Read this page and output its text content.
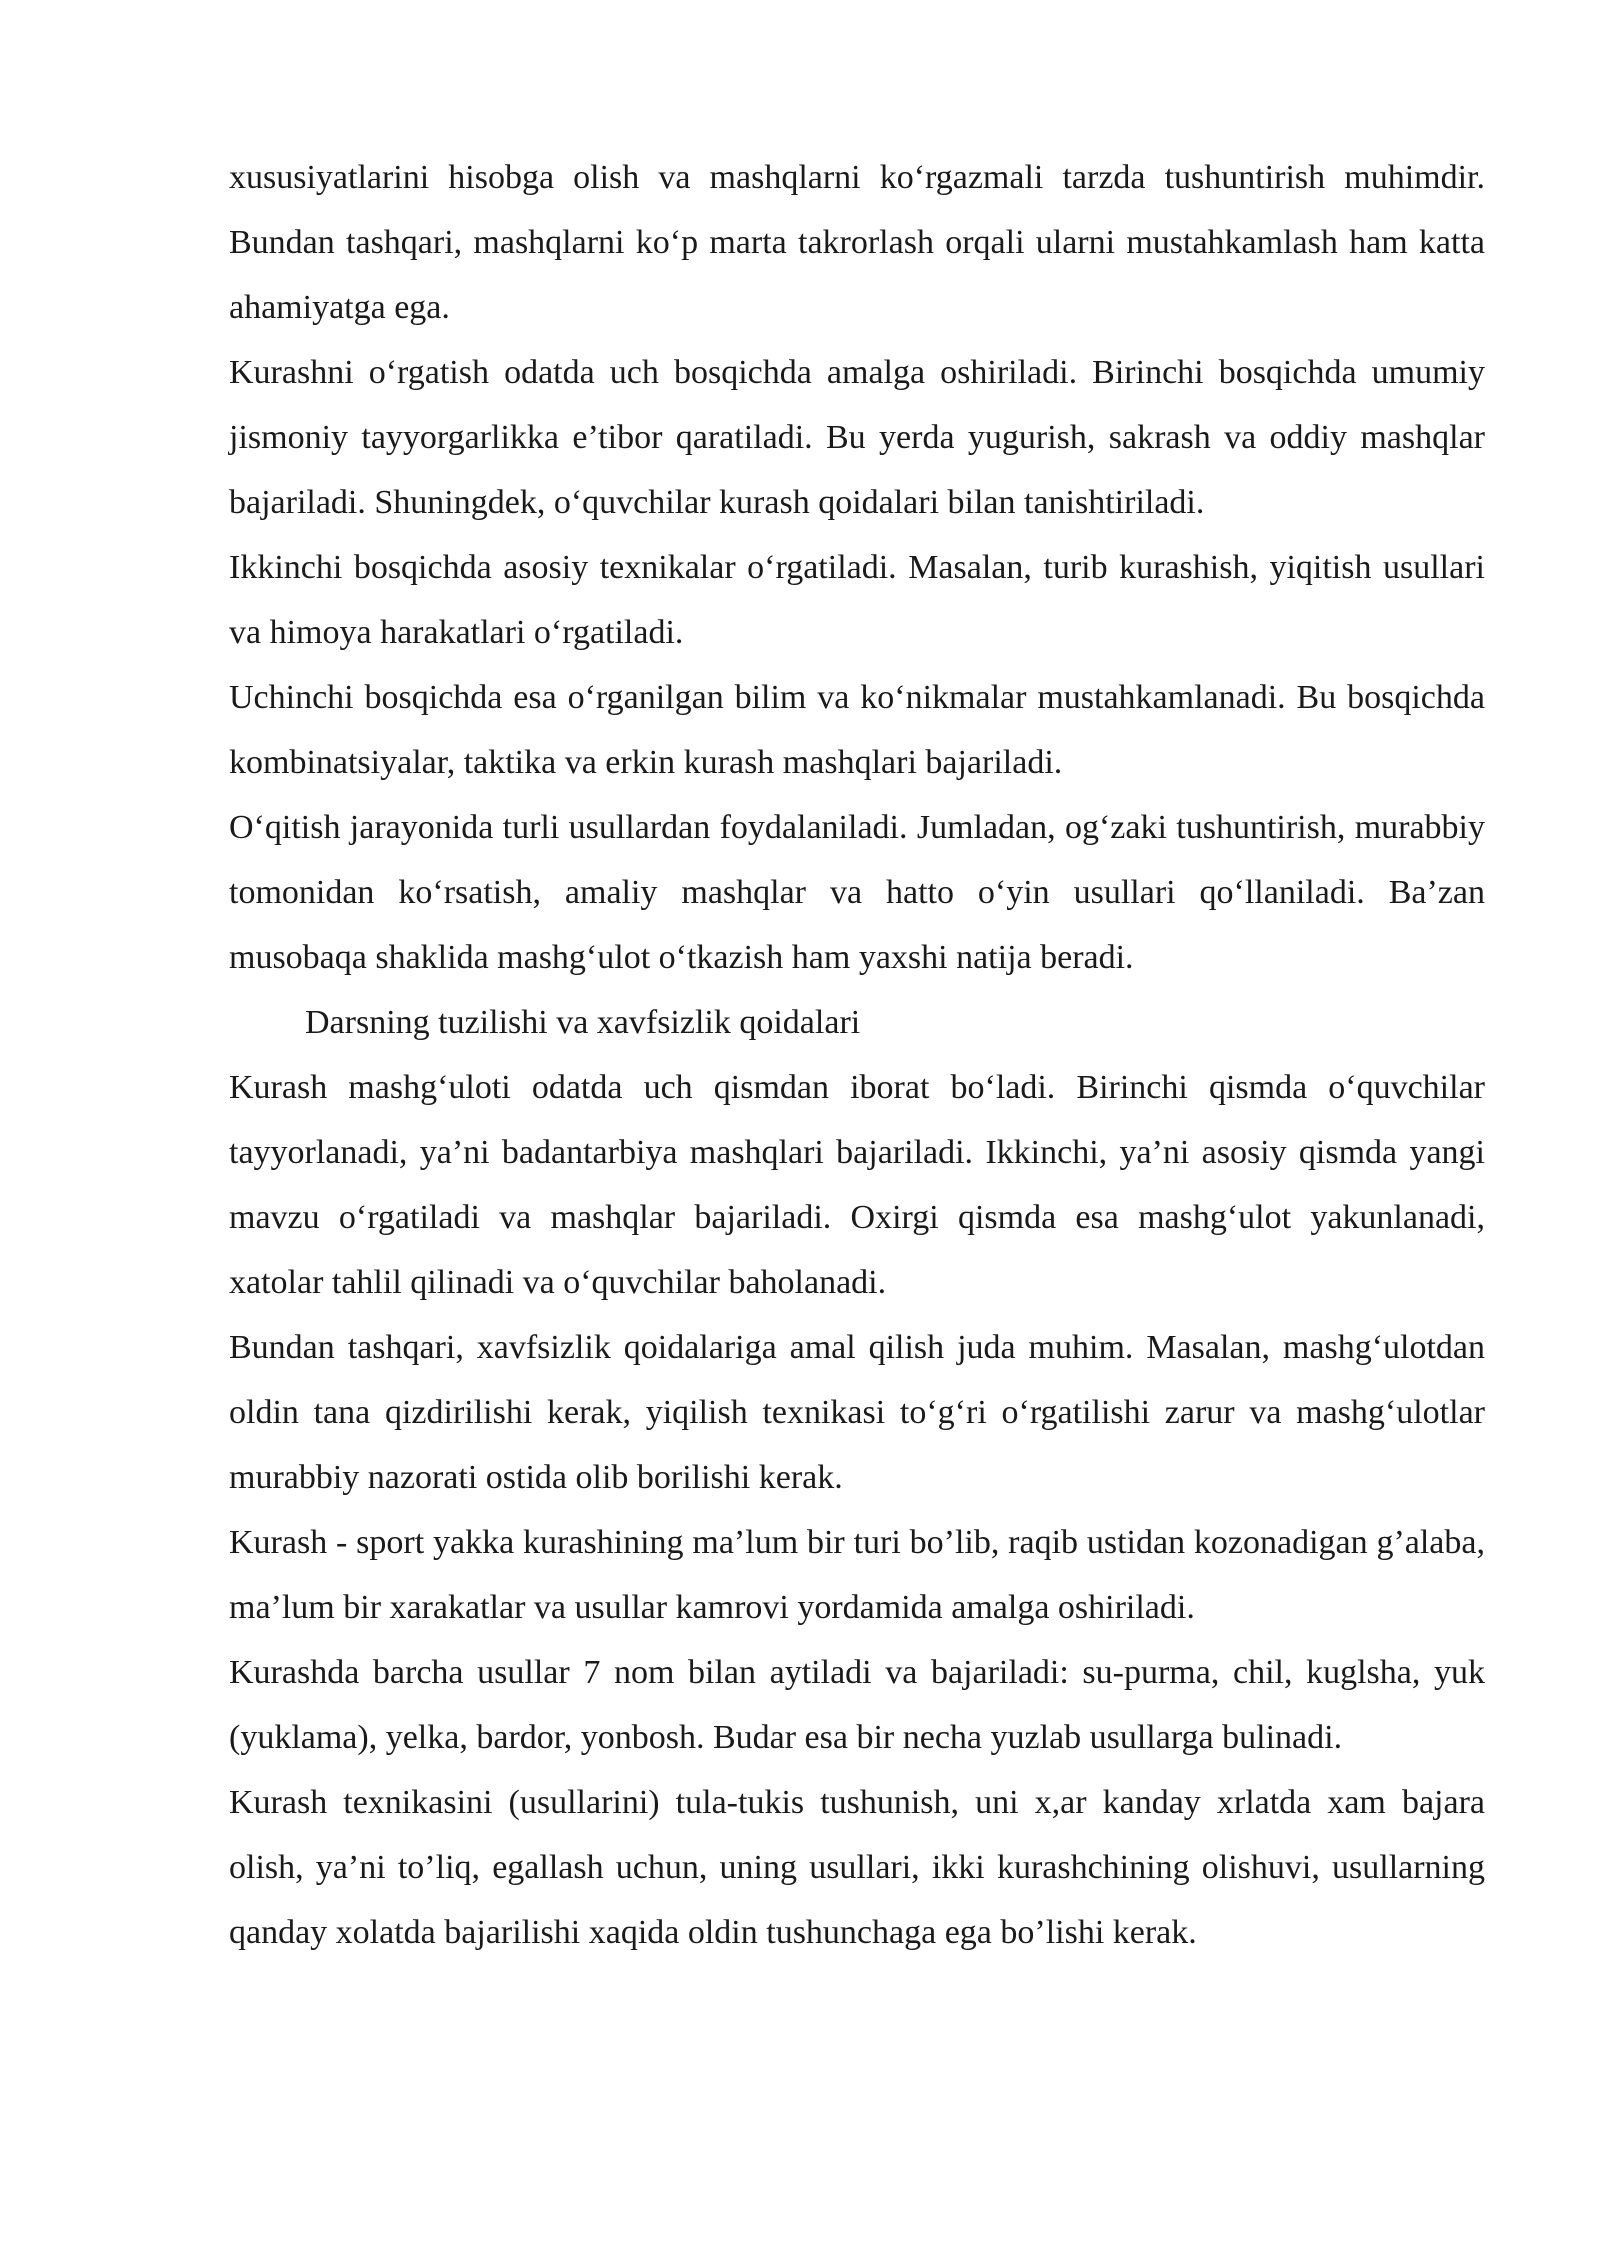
xususiyatlarini hisobga olish va mashqlarni ko‘rgazmali tarzda tushuntirish muhimdir. Bundan tashqari, mashqlarni ko‘p marta takrorlash orqali ularni mustahkamlash ham katta ahamiyatga ega.

Kurashni o‘rgatish odatda uch bosqichda amalga oshiriladi. Birinchi bosqichda umumiy jismoniy tayyorgarlikka e’tibor qaratiladi. Bu yerda yugurish, sakrash va oddiy mashqlar bajariladi. Shuningdek, o‘quvchilar kurash qoidalari bilan tanishtiriladi.

Ikkinchi bosqichda asosiy texnikalar o‘rgatiladi. Masalan, turib kurashish, yiqitish usullari va himoya harakatlari o‘rgatiladi.

Uchinchi bosqichda esa o‘rganilgan bilim va ko‘nikmalar mustahkamlanadi. Bu bosqichda kombinatsiyalar, taktika va erkin kurash mashqlari bajariladi.

O‘qitish jarayonida turli usullardan foydalaniladi. Jumladan, og‘zaki tushuntirish, murabbiy tomonidan ko‘rsatish, amaliy mashqlar va hatto o‘yin usullari qo‘llaniladi. Ba’zan musobaqa shaklida mashg‘ulot o‘tkazish ham yaxshi natija beradi.

Darsning tuzilishi va xavfsizlik qoidalari

Kurash mashg‘uloti odatda uch qismdan iborat bo‘ladi. Birinchi qismda o‘quvchilar tayyorlanadi, ya’ni badantarbiya mashqlari bajariladi. Ikkinchi, ya’ni asosiy qismda yangi mavzu o‘rgatiladi va mashqlar bajariladi. Oxirgi qismda esa mashg‘ulot yakunlanadi, xatolar tahlil qilinadi va o‘quvchilar baholanadi.

Bundan tashqari, xavfsizlik qoidalariga amal qilish juda muhim. Masalan, mashg‘ulotdan oldin tana qizdirilishi kerak, yiqilish texnikasi to‘g‘ri o‘rgatilishi zarur va mashg‘ulotlar murabbiy nazorati ostida olib borilishi kerak.

Kurash - sport yakka kurashining ma’lum bir turi bo’lib, raqib ustidan kozonadigan g’alaba, ma’lum bir xarakatlar va usullar kamrovi yordamida amalga oshiriladi.

Kurashda barcha usullar 7 nom bilan aytiladi va bajariladi: su-purma, chil, kuglsha, yuk (yuklama), yelka, bardor, yonbosh. Budar esa bir necha yuzlab usullarga bulinadi.

Kurash texnikasini (usullarini) tula-tukis tushunish, uni x,ar kanday xrlatda xam bajara olish, ya’ni to’liq, egallash uchun, uning usullari, ikki kurashchining olishuvi, usullarning qanday xolatda bajarilishi xaqida oldin tushunchaga ega bo’lishi kerak.
